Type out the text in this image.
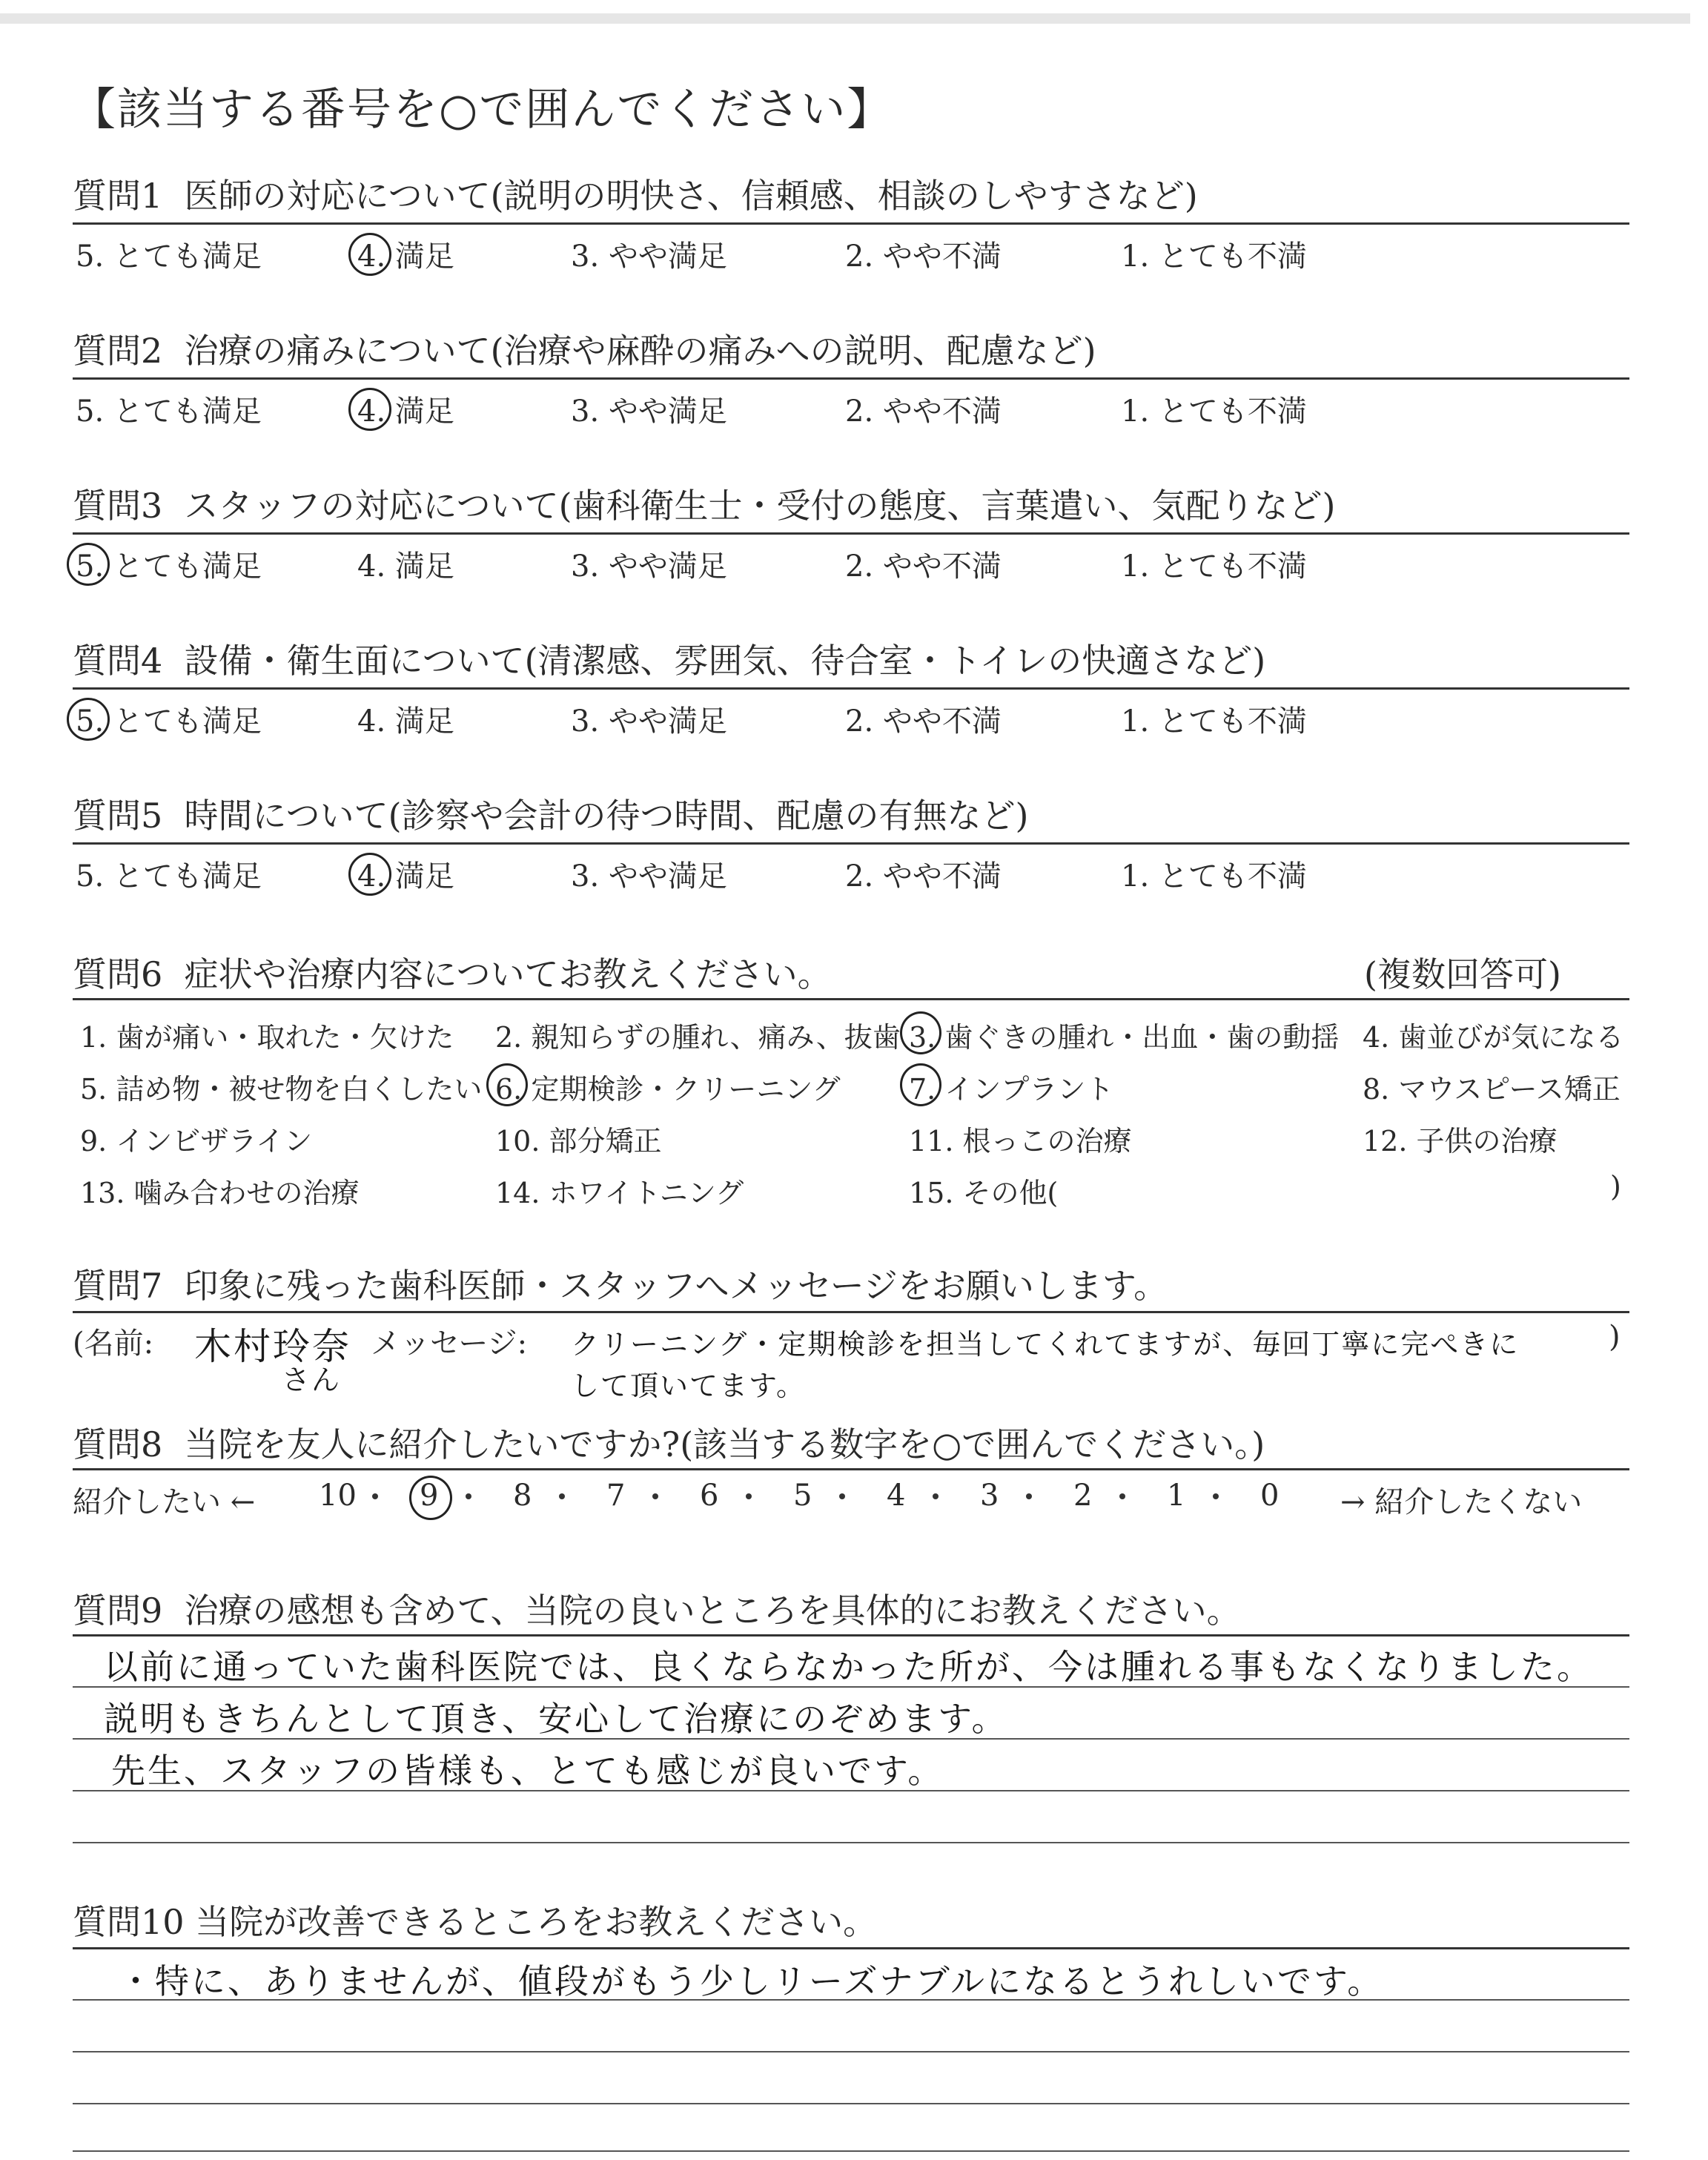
【該当する番号を○で囲んでください】
質問1 医師の対応について(説明の明快さ、信頼感、相談のしやすさなど)
5. とても満足	4. 満足	3. やや満足	2. やや不満	1. とても不満
質問2 治療の痛みについて(治療や麻酔の痛みへの説明、配慮など)
5. とても満足	4. 満足	3. やや満足	2. やや不満	1. とても不満
質問3 スタッフの対応について(歯科衛生士・受付の態度、言葉遣い、気配りなど)
5. とても満足	4. 満足	3. やや満足	2. やや不満	1. とても不満
質問4 設備・衛生面について(清潔感、雰囲気、待合室・トイレの快適さなど)
5. とても満足	4. 満足	3. やや満足	2. やや不満	1. とても不満
質問5 時間について(診察や会計の待つ時間、配慮の有無など)
5. とても満足	4. 満足	3. やや満足	2. やや不満	1. とても不満
質問6 症状や治療内容についてお教えください。	(複数回答可)
1. 歯が痛い・取れた・欠けた 2. 親知らずの腫れ、痛み、抜歯 3. 歯ぐきの腫れ・出血・歯の動揺 4. 歯並びが気になる
5. 詰め物・被せ物を白くしたい 6. 定期検診・クリーニング 7. インプラント	8. マウスピース矯正
9. インビザライン	10. 部分矯正	11. 根っこの治療	12. 子供の治療
13. 噛み合わせの治療	14. ホワイトニング	15. その他(	)
質問7 印象に残った歯科医師・スタッフへメッセージをお願いします。
(名前: 木村玲奈
さん
メッセージ: クリーニング・定期検診を担当してくれてますが、毎回丁寧に完ぺきに
して頂いてます。
)
質問8 当院を友人に紹介したいですか?(該当する数字を○で囲んでください。)
紹介したい ← 10 9	8	7	6	5	4	3	2	1	0 → 紹介したくない
質問9 治療の感想も含めて、当院の良いところを具体的にお教えください。
以前に通っていた歯科医院では、良くならなかった所が、今は腫れる事もなくなりました。
説明もきちんとして頂き、安心して治療にのぞめます。
先生、スタッフの皆様も、とても感じが良いです。
質問10 当院が改善できるところをお教えください。
・特に、ありませんが、値段がもう少しリーズナブルになるとうれしいです。
